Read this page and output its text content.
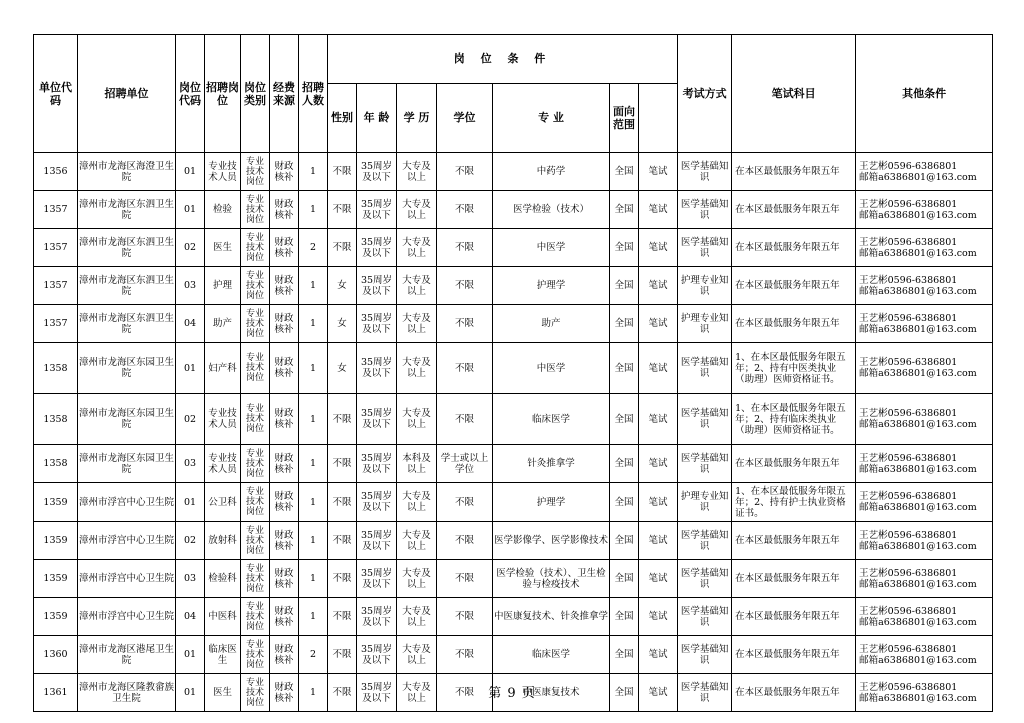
单位代码	招聘单位	岗位代码	招聘岗位	岗位类别	经费来源	招聘人数	岗 位 条 件							考试方式	笔试科目	其他条件	
							性别	年 龄	学 历	学位	专 业	面向范围					
1356	漳州市龙海区海澄卫生院	01	专业技术人员	专业技术岗位	财政核补	1	不限	35周岁及以下	大专及以上	不限	中药学	全国	笔试	医学基础知识	在本区最低服务年限五年	王艺彬0596-6386801
邮箱a6386801@163.com	

1357	漳州市龙海区东泗卫生院	01	检验	专业技术岗位	财政核补	1	不限	35周岁及以下	大专及以上	不限	医学检验（技术）	全国	笔试	医学基础知识	在本区最低服务年限五年	王艺彬0596-6386801
邮箱a6386801@163.com	

1357	漳州市龙海区东泗卫生院	02	医生	专业技术岗位	财政核补	2	不限	35周岁及以下	大专及以上	不限	中医学	全国	笔试	医学基础知识	在本区最低服务年限五年	王艺彬0596-6386801
邮箱a6386801@163.com	

1357	漳州市龙海区东泗卫生院	03	护理	专业技术岗位	财政核补	1	女	35周岁及以下	大专及以上	不限	护理学	全国	笔试	护理专业知识	在本区最低服务年限五年	王艺彬0596-6386801
邮箱a6386801@163.com	

1357	漳州市龙海区东泗卫生院	04	助产	专业技术岗位	财政核补	1	女	35周岁及以下	大专及以上	不限	助产	全国	笔试	护理专业知识	在本区最低服务年限五年	王艺彬0596-6386801
邮箱a6386801@163.com	

1358	漳州市龙海区东园卫生院	01	妇产科	专业技术岗位	财政核补	1	女	35周岁及以下	大专及以上	不限	中医学	全国	笔试	医学基础知识	1、在本区最低服务年限五年；2、持有中医类执业（助理）医师资格证书。	王艺彬0596-6386801
邮箱a6386801@163.com	

1358	漳州市龙海区东园卫生院	02	专业技术人员	专业技术岗位	财政核补	1	不限	35周岁及以下	大专及以上	不限	临床医学	全国	笔试	医学基础知识	1、在本区最低服务年限五年；2、持有临床类执业（助理）医师资格证书。	王艺彬0596-6386801
邮箱a6386801@163.com	

1358	漳州市龙海区东园卫生院	03	专业技术人员	专业技术岗位	财政核补	1	不限	35周岁及以下	本科及以上	学士或以上学位	针灸推拿学	全国	笔试	医学基础知识	在本区最低服务年限五年	王艺彬0596-6386801
邮箱a6386801@163.com	

1359	漳州市浮宫中心卫生院	01	公卫科	专业技术岗位	财政核补	1	不限	35周岁及以下	大专及以上	不限	护理学	全国	笔试	护理专业知识	1、在本区最低服务年限五年；2、持有护士执业资格证书。	王艺彬0596-6386801
邮箱a6386801@163.com	

1359	漳州市浮宫中心卫生院	02	放射科	专业技术岗位	财政核补	1	不限	35周岁及以下	大专及以上	不限	医学影像学、医学影像技术	全国	笔试	医学基础知识	在本区最低服务年限五年	王艺彬0596-6386801
邮箱a6386801@163.com	

1359	漳州市浮宫中心卫生院	03	检验科	专业技术岗位	财政核补	1	不限	35周岁及以下	大专及以上	不限	医学检验（技术）、卫生检验与检疫技术	全国	笔试	医学基础知识	在本区最低服务年限五年	王艺彬0596-6386801
邮箱a6386801@163.com	

1359	漳州市浮宫中心卫生院	04	中医科	专业技术岗位	财政核补	1	不限	35周岁及以下	大专及以上	不限	中医康复技术、针灸推拿学	全国	笔试	医学基础知识	在本区最低服务年限五年	王艺彬0596-6386801
邮箱a6386801@163.com	

1360	漳州市龙海区港尾卫生院	01	临床医生	专业技术岗位	财政核补	2	不限	35周岁及以下	大专及以上	不限	临床医学	全国	笔试	医学基础知识	在本区最低服务年限五年	王艺彬0596-6386801
邮箱a6386801@163.com	

1361	漳州市龙海区隆教畲族卫生院	01	医生	专业技术岗位	财政核补	1	不限	35周岁及以下	大专及以上	不限	中医康复技术	全国	笔试	医学基础知识	在本区最低服务年限五年	王艺彬0596-6386801
邮箱a6386801@163.com	
第 9 页
